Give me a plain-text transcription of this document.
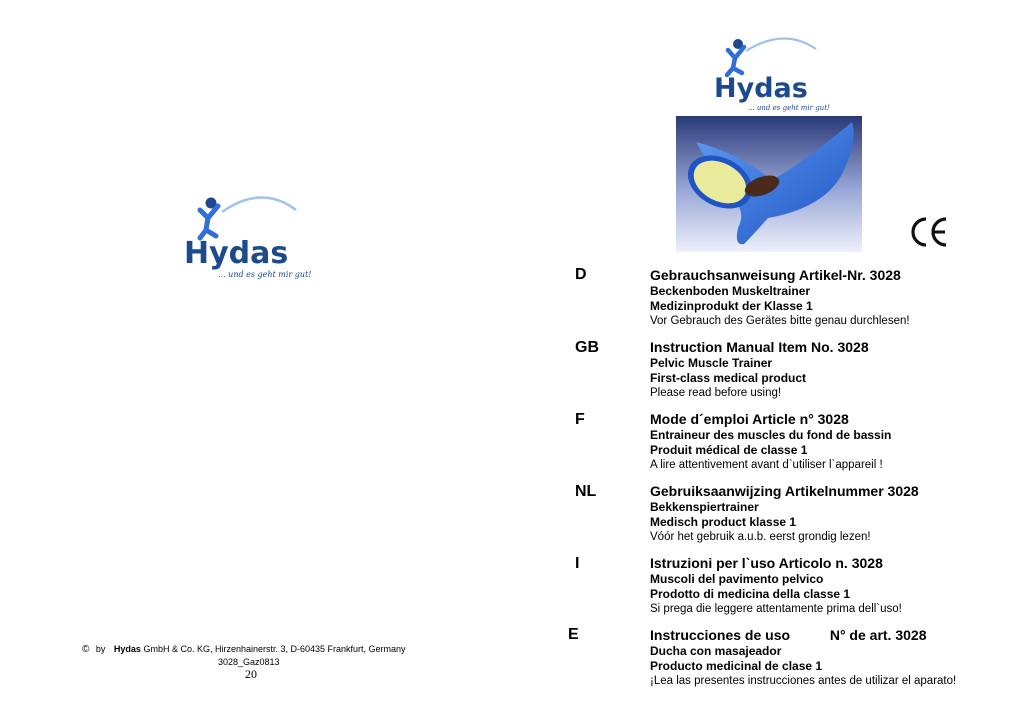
Hydas
... und es geht mir gut!
Hydas
... und es geht mir gut!
D	Gebrauchsanweisung Artikel-Nr. 3028
Beckenboden Muskeltrainer
Medizinprodukt der Klasse 1
Vor Gebrauch des Gerätes bitte genau durchlesen!
GB	Instruction Manual Item No. 3028
Pelvic Muscle Trainer
First-class medical product
Please read before using!
F	Mode d´emploi Article n° 3028
Entraineur des muscles du fond de bassin
Produit médical de classe 1
A lire attentivement avant d`utiliser l`appareil !
NL	Gebruiksaanwijzing Artikelnummer 3028
Bekkenspiertrainer
Medisch product klasse 1
Vóór het gebruik a.u.b. eerst grondig lezen!
I	Istruzioni per l`uso Articolo n. 3028
Muscoli del pavimento pelvico
Prodotto di medicina della classe 1
Si prega die leggere attentamente prima dell`uso!
E	Instrucciones de uso	N° de art. 3028
Ducha con masajeador
Producto medicinal de clase 1
¡Lea las presentes instrucciones antes de utilizar el aparato!
© by Hydas GmbH & Co. KG, Hirzenhainerstr. 3, D-60435 Frankfurt, Germany
3028_Gaz0813
20
